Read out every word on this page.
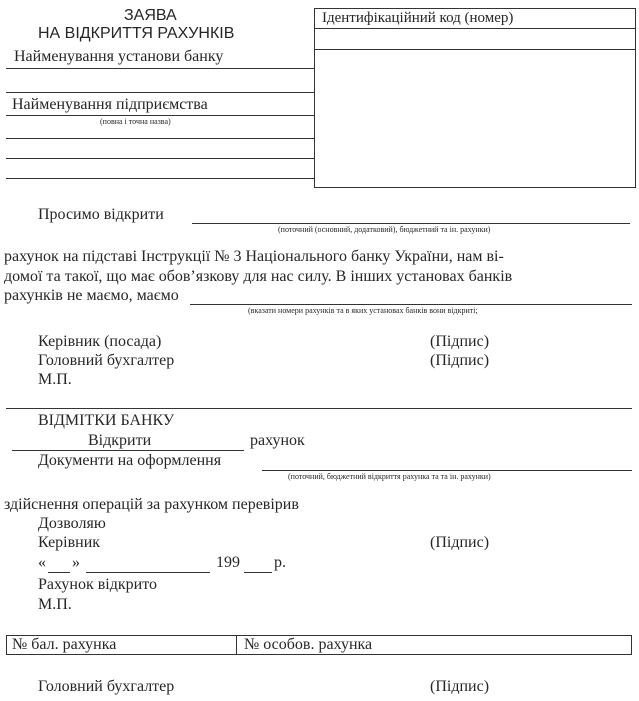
ЗАЯВА
НА ВІДКРИТТЯ РАХУНКІВ
Найменування установи банку
Найменування підприємства
(повна і точна назва)
Ідентифікаційний код (номер)
Просимо відкрити
(поточний (основний, додатковий), бюджетний та ін. рахунки)
рахунок на підставі Інструкції № 3 Національного банку України, нам ві-
домої та такої, що має обов’язкову для нас силу. В інших установах банків
рахунків не маємо, маємо
(вказати номери рахунків та в яких установах банків вони відкриті;
Керівник (посада)	(Підпис)
Головний бухгалтер	(Підпис)
М.П.
ВІДМІТКИ БАНКУ
Відкрити	рахунок
Документи на оформлення
(поточний, бюджетний відкриття рахунка та та ін. рахунки)
здійснення операцій за рахунком перевірив
Дозволяю
Керівник	(Підпис)
« »	199 р.
Рахунок відкрито
М.П.
№ бал. рахунка	№ особов. рахунка
Головний бухгалтер	(Підпис)
